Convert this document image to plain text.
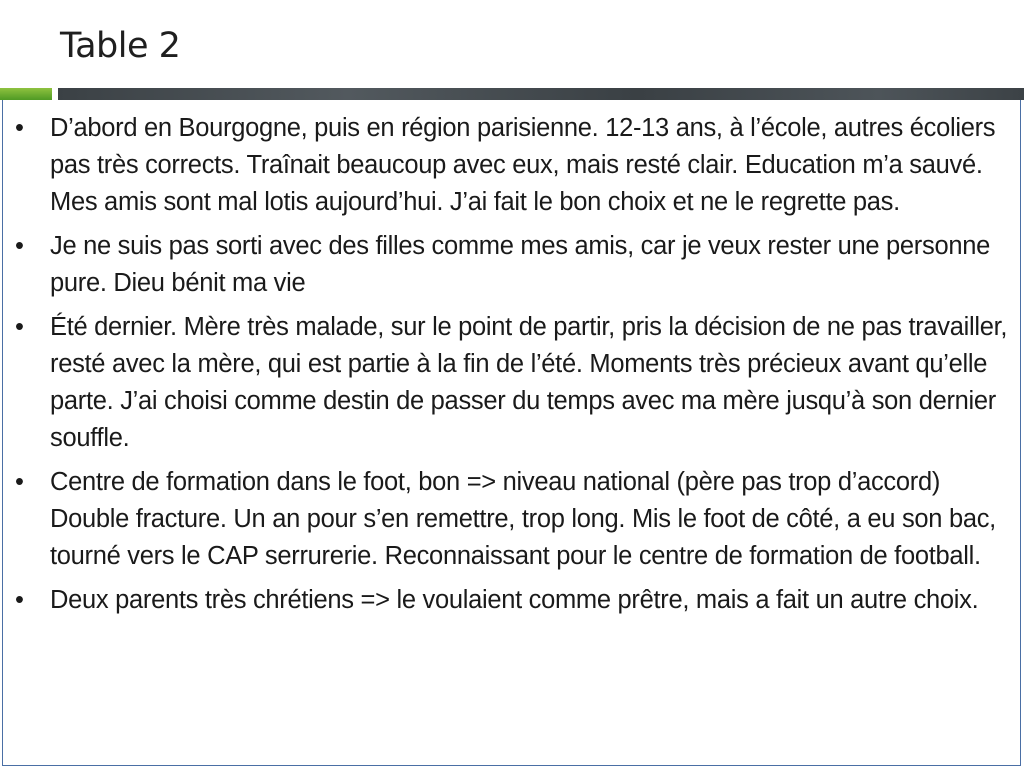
Table 2
• D’abord en Bourgogne, puis en région parisienne. 12-13 ans, à l’école, autres écoliers pas très corrects. Traînait beaucoup avec eux, mais resté clair. Education m’a sauvé. Mes amis sont mal lotis aujourd’hui. J’ai fait le bon choix et ne le regrette pas.
• Je ne suis pas sorti avec des filles comme mes amis, car je veux rester une personne pure. Dieu bénit ma vie
• Été dernier. Mère très malade, sur le point de partir, pris la décision de ne pas travailler, resté avec la mère, qui est partie à la fin de l’été. Moments très précieux avant qu’elle parte. J’ai choisi comme destin de passer du temps avec ma mère jusqu’à son dernier souffle.
• Centre de formation dans le foot, bon => niveau national (père pas trop d’accord) Double fracture. Un an pour s’en remettre, trop long. Mis le foot de côté, a eu son bac, tourné vers le CAP serrurerie. Reconnaissant pour le centre de formation de football.
• Deux parents très chrétiens => le voulaient comme prêtre, mais a fait un autre choix.
